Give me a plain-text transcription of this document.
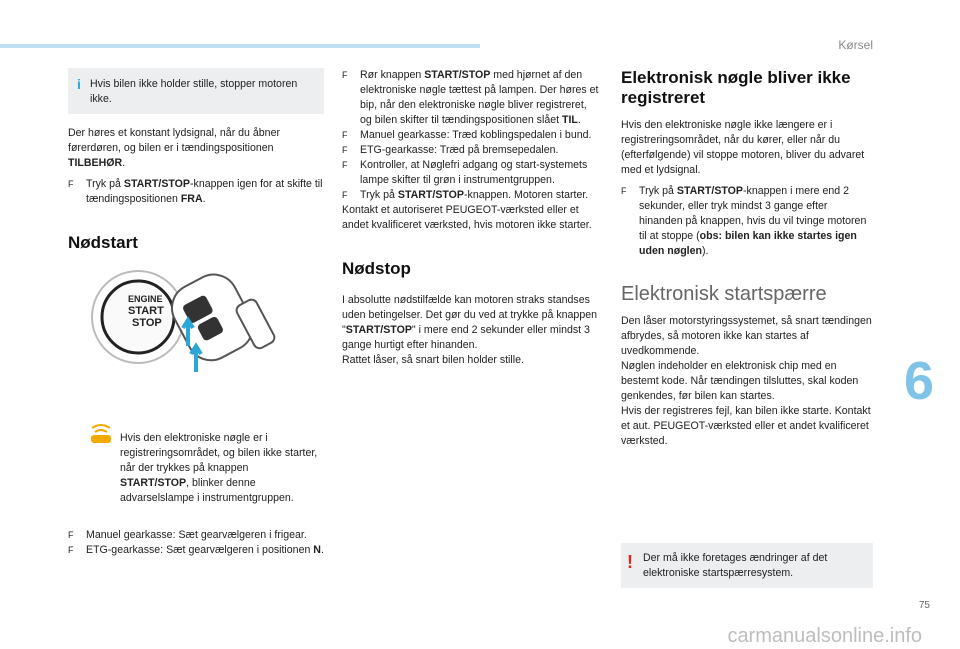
Kørsel
i Hvis bilen ikke holder stille, stopper motoren ikke.

Der høres et konstant lydsignal, når du åbner førerdøren, og bilen er i tændingspositionen TILBEHØR.

F Tryk på START/STOP-knappen igen for at skifte til tændingspositionen FRA.
Nødstart
ENGINE
START
STOP

Hvis den elektroniske nøgle er i registreringsområdet, og bilen ikke starter, når der trykkes på knappen START/STOP, blinker denne advarselslampe i instrumentgruppen.

F Manuel gearkasse: Sæt gearvælgeren i frigear.
F ETG-gearkasse: Sæt gearvælgeren i positionen N.
F Rør knappen START/STOP med hjørnet af den elektroniske nøgle tættest på lampen. Der høres et bip, når den elektroniske nøgle bliver registreret, og bilen skifter til tændingspositionen slået TIL.
F Manuel gearkasse: Træd koblingspedalen i bund.
F ETG-gearkasse: Træd på bremsepedalen.
F Kontroller, at Nøglefri adgang og start-systemets lampe skifter til grøn i instrumentgruppen.
F Tryk på START/STOP-knappen. Motoren starter.

Kontakt et autoriseret PEUGEOT-værksted eller et andet kvalificeret værksted, hvis motoren ikke starter.

Nødstop

I absolutte nødstilfælde kan motoren straks standses uden betingelser. Det gør du ved at trykke på knappen "START/STOP" i mere end 2 sekunder eller mindst 3 gange hurtigt efter hinanden.

Rattet låser, så snart bilen holder stille.

Elektronisk nøgle bliver ikke registreret

Hvis den elektroniske nøgle ikke længere er i registreringsområdet, når du kører, eller når du (efterfølgende) vil stoppe motoren, bliver du advaret med et lydsignal.

F Tryk på START/STOP-knappen i mere end 2 sekunder, eller tryk mindst 3 gange efter hinanden på knappen, hvis du vil tvinge motoren til at stoppe (obs: bilen kan ikke startes igen uden nøglen).
Elektronisk startspærre

Den låser motorstyringssystemet, så snart tændingen afbrydes, så motoren ikke kan startes af uvedkommende.

Nøglen indeholder en elektronisk chip med en bestemt kode. Når tændingen tilsluttes, skal koden genkendes, før bilen kan startes.

Hvis der registreres fejl, kan bilen ikke starte. Kontakt et aut. PEUGEOT-værksted eller et andet kvalificeret værksted.

! Der må ikke foretages ændringer af det elektroniske startspærresystem.

6
75
carmanualsonline.info
